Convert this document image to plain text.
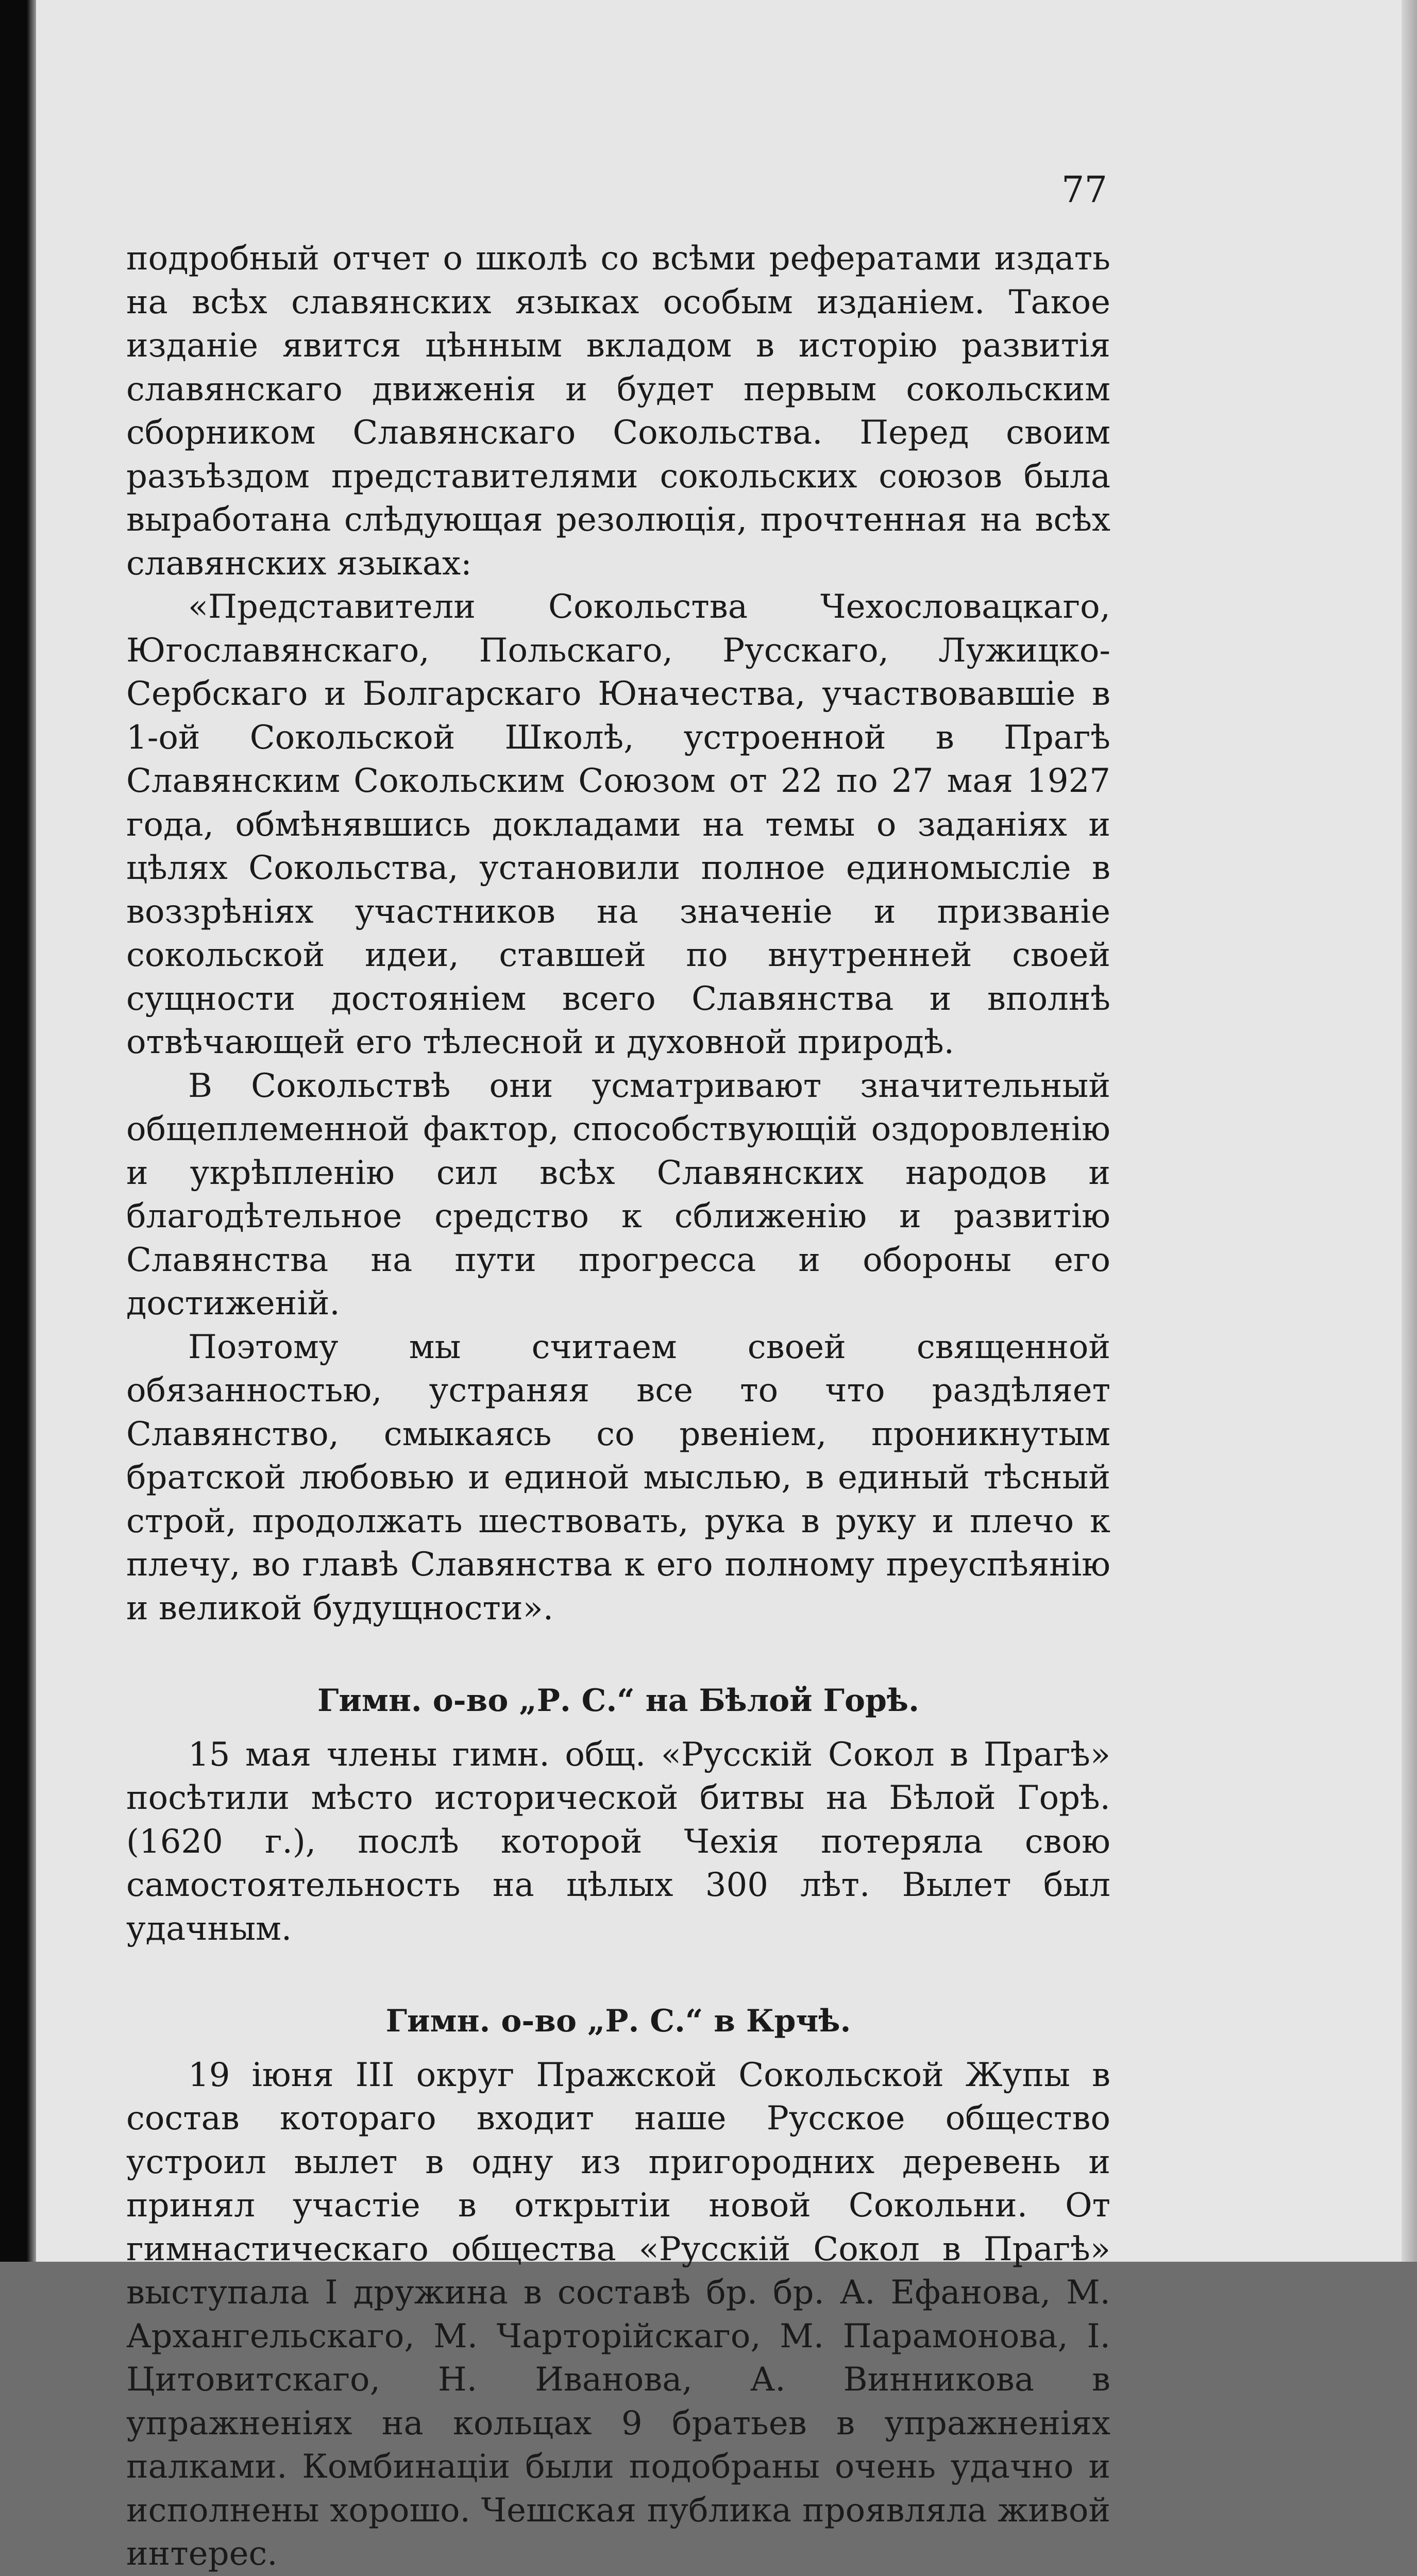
77

подробный отчет о школѣ со всѣми рефератами издать на всѣх славянских языках особым изданіем. Такое изданіе явится цѣнным вкладом в исторію развитія славянскаго движенія и будет первым сокольским сборником Славянскаго Сокольства. Перед своим разъѣздом представителями сокольских союзов была выработана слѣдующая резолюція, прочтенная на всѣх славянских языках:

«Представители Сокольства Чехословацкаго, Югославянскаго, Польскаго, Русскаго, Лужицко-Сербскаго и Болгарскаго Юначества, участвовавшіе в 1-ой Сокольской Школѣ, устроенной в Прагѣ Славянским Сокольским Союзом от 22 по 27 мая 1927 года, обмѣнявшись докладами на темы о заданіях и цѣлях Сокольства, установили полное единомысліе в воззрѣніях участников на значеніе и призваніе сокольской идеи, ставшей по внутренней своей сущности достояніем всего Славянства и вполнѣ отвѣчающей его тѣлесной и духовной природѣ.

В Сокольствѣ они усматривают значительный общеплеменной фактор, способствующій оздоровленію и укрѣпленію сил всѣх Славянских народов и благодѣтельное средство к сближенію и развитію Славянства на пути прогресса и обороны его достиженій.

Поэтому мы считаем своей священной обязанностью, устраняя все то что раздѣляет Славянство, смыкаясь со рвеніем, проникнутым братской любовью и единой мыслью, в единый тѣсный строй, продолжать шествовать, рука в руку и плечо к плечу, во главѣ Славянства к его полному преуспѣянію и великой будущности».

Гимн. о-во „Р. С.“ на Бѣлой Горѣ.

15 мая члены гимн. общ. «Русскій Сокол в Прагѣ» посѣтили мѣсто исторической битвы на Бѣлой Горѣ. (1620 г.), послѣ которой Чехія потеряла свою самостоятельность на цѣлых 300 лѣт. Вылет был удачным.

Гимн. о-во „Р. С.“ в Крчѣ.

19 іюня III округ Пражской Сокольской Жупы в состав котораго входит наше Русское общество устроил вылет в одну из пригородних деревень и принял участіе в открытіи новой Сокольни. От гимнастическаго общества «Русскій Сокол в Прагѣ» выступала I дружина в составѣ бр. бр. А. Ефанова, М. Архангельскаго, М. Чарторійскаго, М. Парамонова, І. Цитовитскаго, Н. Иванова, А. Винникова в упражненіях на кольцах 9 братьев в упражненіях палками. Комбинаціи были подобраны очень удачно и исполнены хорошо. Чешская публика проявляла живой интерес.
